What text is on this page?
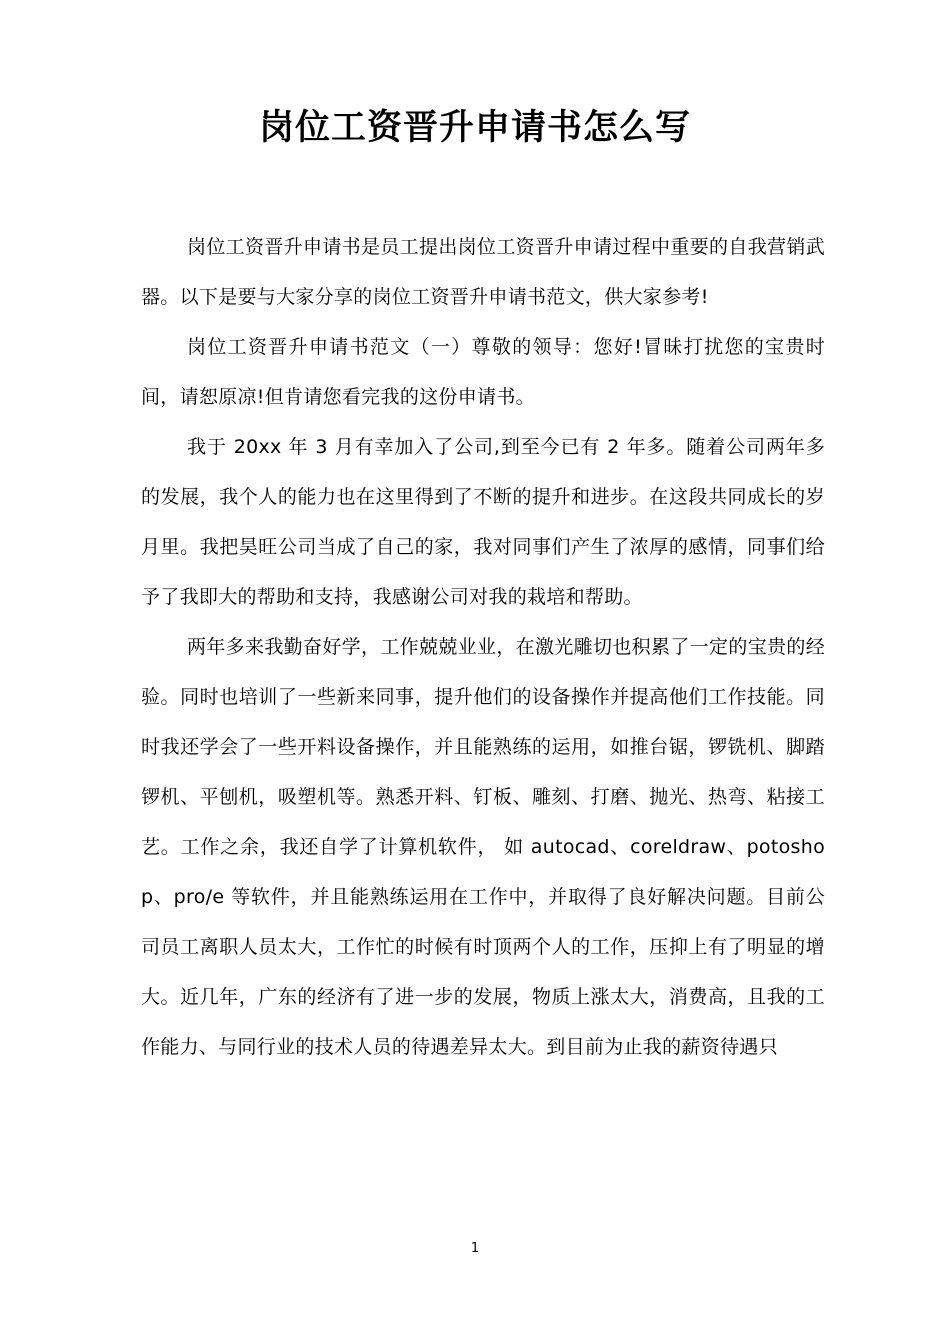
岗位工资晋升申请书怎么写

岗位工资晋升申请书是员工提出岗位工资晋升申请过程中重要的自我营销武器。以下是要与大家分享的岗位工资晋升申请书范文，供大家参考!

岗位工资晋升申请书范文（一）尊敬的领导：您好!冒昧打扰您的宝贵时间，请恕原凉!但肯请您看完我的这份申请书。

我于 20xx 年 3 月有幸加入了公司,到至今已有 2 年多。随着公司两年多的发展，我个人的能力也在这里得到了不断的提升和进步。在这段共同成长的岁月里。我把昊旺公司当成了自己的家，我对同事们产生了浓厚的感情，同事们给予了我即大的帮助和支持，我感谢公司对我的栽培和帮助。

两年多来我勤奋好学，工作兢兢业业，在激光雕切也积累了一定的宝贵的经验。同时也培训了一些新来同事，提升他们的设备操作并提高他们工作技能。同时我还学会了一些开料设备操作，并且能熟练的运用，如推台锯，锣铣机、脚踏锣机、平刨机，吸塑机等。熟悉开料、钉板、雕刻、打磨、抛光、热弯、粘接工艺。工作之余，我还自学了计算机软件， 如 autocad、coreldraw、potoshop、pro/e 等软件，并且能熟练运用在工作中，并取得了良好解决问题。目前公司员工离职人员太大，工作忙的时候有时顶两个人的工作，压抑上有了明显的增大。近几年，广东的经济有了进一步的发展，物质上涨太大，消费高，且我的工作能力、与同行业的技术人员的待遇差异太大。到目前为止我的薪资待遇只

1
